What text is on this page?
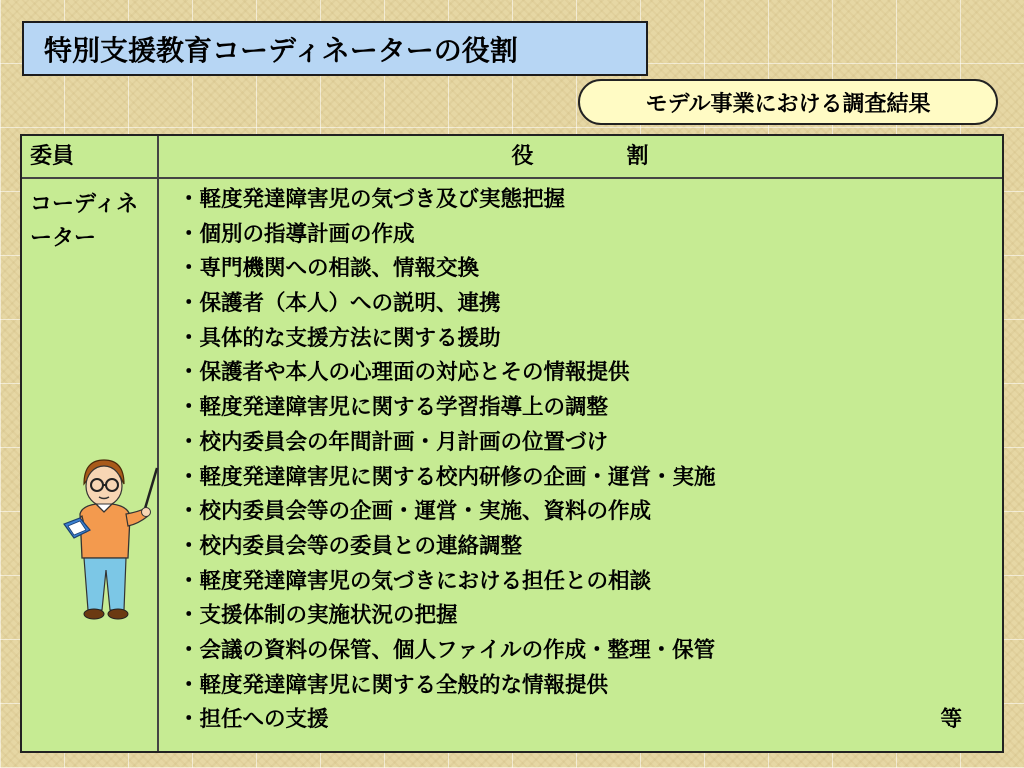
特別支援教育コーディネーターの役割
モデル事業における調査結果
委員	役　　　　割
コーディネーター
・軽度発達障害児の気づき及び実態把握
・個別の指導計画の作成
・専門機関への相談、情報交換
・保護者（本人）への説明、連携
・具体的な支援方法に関する援助
・保護者や本人の心理面の対応とその情報提供
・軽度発達障害児に関する学習指導上の調整
・校内委員会の年間計画・月計画の位置づけ
・軽度発達障害児に関する校内研修の企画・運営・実施
・校内委員会等の企画・運営・実施、資料の作成
・校内委員会等の委員との連絡調整
・軽度発達障害児の気づきにおける担任との相談
・支援体制の実施状況の把握
・会議の資料の保管、個人ファイルの作成・整理・保管
・軽度発達障害児に関する全般的な情報提供
・担任への支援	等
